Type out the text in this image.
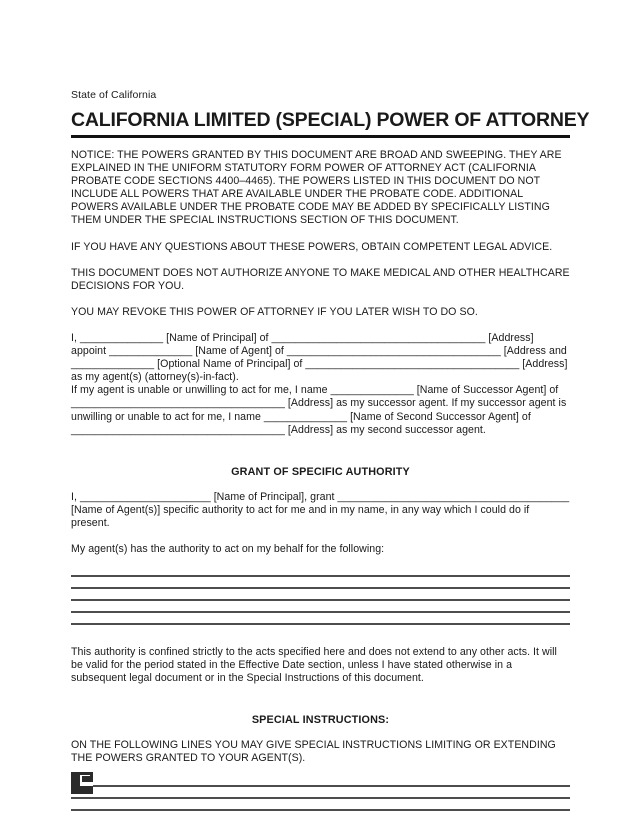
State of California
CALIFORNIA LIMITED (SPECIAL) POWER OF ATTORNEY

NOTICE: THE POWERS GRANTED BY THIS DOCUMENT ARE BROAD AND SWEEPING. THEY ARE EXPLAINED IN THE UNIFORM STATUTORY FORM POWER OF ATTORNEY ACT (CALIFORNIA PROBATE CODE SECTIONS 4400–4465). THE POWERS LISTED IN THIS DOCUMENT DO NOT INCLUDE ALL POWERS THAT ARE AVAILABLE UNDER THE PROBATE CODE. ADDITIONAL POWERS AVAILABLE UNDER THE PROBATE CODE MAY BE ADDED BY SPECIFICALLY LISTING THEM UNDER THE SPECIAL INSTRUCTIONS SECTION OF THIS DOCUMENT.

IF YOU HAVE ANY QUESTIONS ABOUT THESE POWERS, OBTAIN COMPETENT LEGAL ADVICE.

THIS DOCUMENT DOES NOT AUTHORIZE ANYONE TO MAKE MEDICAL AND OTHER HEALTHCARE DECISIONS FOR YOU.

YOU MAY REVOKE THIS POWER OF ATTORNEY IF YOU LATER WISH TO DO SO.

I, ______________ [Name of Principal] of ____________________________________ [Address] appoint ______________ [Name of Agent] of ____________________________________ [Address and ______________ [Optional Name of Principal] of ____________________________________ [Address] as my agent(s) (attorney(s)-in-fact).

If my agent is unable or unwilling to act for me, I name ______________ [Name of Successor Agent] of ____________________________________ [Address] as my successor agent. If my successor agent is unwilling or unable to act for me, I name ______________ [Name of Second Successor Agent] of ____________________________________ [Address] as my second successor agent.

GRANT OF SPECIFIC AUTHORITY

I, ______________________ [Name of Principal], grant _______________________________________ [Name of Agent(s)] specific authority to act for me and in my name, in any way which I could do if present.

My agent(s) has the authority to act on my behalf for the following:

This authority is confined strictly to the acts specified here and does not extend to any other acts. It will be valid for the period stated in the Effective Date section, unless I have stated otherwise in a subsequent legal document or in the Special Instructions of this document.

SPECIAL INSTRUCTIONS:

ON THE FOLLOWING LINES YOU MAY GIVE SPECIAL INSTRUCTIONS LIMITING OR EXTENDING THE POWERS GRANTED TO YOUR AGENT(S).
